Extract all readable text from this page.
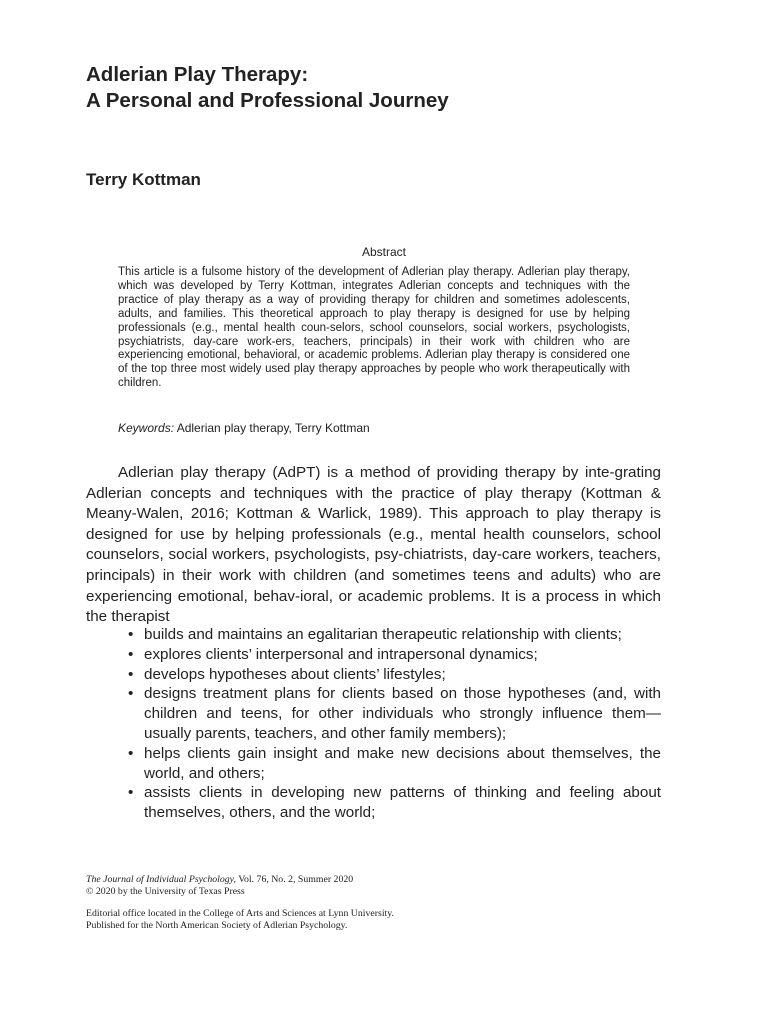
Adlerian Play Therapy:
A Personal and Professional Journey
Terry Kottman
Abstract
This article is a fulsome history of the development of Adlerian play therapy. Adlerian play therapy, which was developed by Terry Kottman, integrates Adlerian concepts and techniques with the practice of play therapy as a way of providing therapy for children and sometimes adolescents, adults, and families. This theoretical approach to play therapy is designed for use by helping professionals (e.g., mental health coun-selors, school counselors, social workers, psychologists, psychiatrists, day-care work-ers, teachers, principals) in their work with children who are experiencing emotional, behavioral, or academic problems. Adlerian play therapy is considered one of the top three most widely used play therapy approaches by people who work therapeutically with children.
Keywords: Adlerian play therapy, Terry Kottman
Adlerian play therapy (AdPT) is a method of providing therapy by inte-grating Adlerian concepts and techniques with the practice of play therapy (Kottman & Meany-Walen, 2016; Kottman & Warlick, 1989). This approach to play therapy is designed for use by helping professionals (e.g., mental health counselors, school counselors, social workers, psychologists, psy-chiatrists, day-care workers, teachers, principals) in their work with children (and sometimes teens and adults) who are experiencing emotional, behav-ioral, or academic problems. It is a process in which the therapist
• builds and maintains an egalitarian therapeutic relationship with clients;
• explores clients’ interpersonal and intrapersonal dynamics;
• develops hypotheses about clients’ lifestyles;
• designs treatment plans for clients based on those hypotheses (and, with children and teens, for other individuals who strongly influence them—usually parents, teachers, and other family members);
• helps clients gain insight and make new decisions about themselves, the world, and others;
• assists clients in developing new patterns of thinking and feeling about themselves, others, and the world;
The Journal of Individual Psychology, Vol. 76, No. 2, Summer 2020
© 2020 by the University of Texas Press
Editorial office located in the College of Arts and Sciences at Lynn University.
Published for the North American Society of Adlerian Psychology.
